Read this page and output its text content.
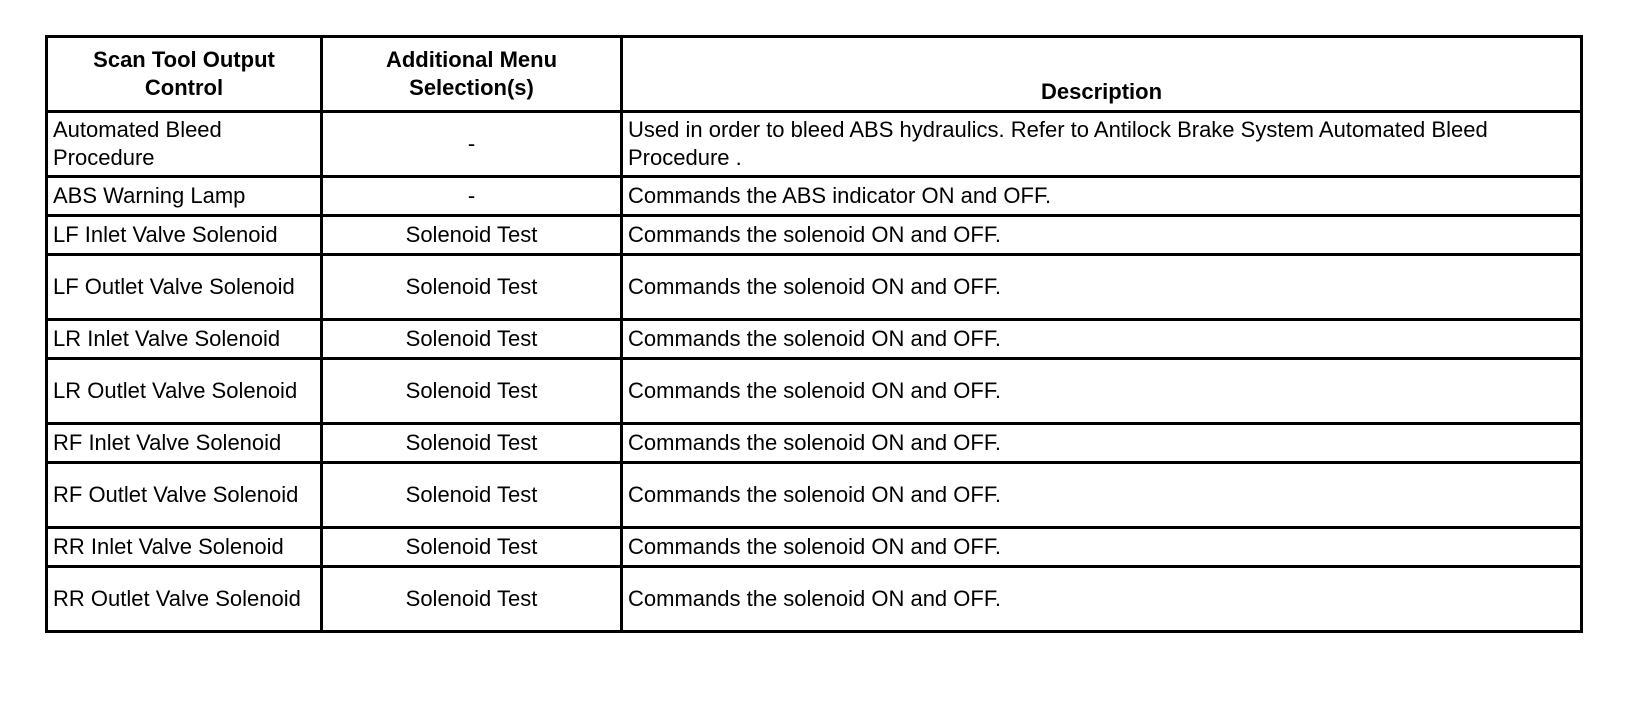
Scan Tool Output Control	Additional Menu Selection(s)	Description
Automated Bleed Procedure	-	Used in order to bleed ABS hydraulics. Refer to Antilock Brake System Automated Bleed Procedure .
ABS Warning Lamp	-	Commands the ABS indicator ON and OFF.
LF Inlet Valve Solenoid	Solenoid Test	Commands the solenoid ON and OFF.
LF Outlet Valve Solenoid	Solenoid Test	Commands the solenoid ON and OFF.
LR Inlet Valve Solenoid	Solenoid Test	Commands the solenoid ON and OFF.
LR Outlet Valve Solenoid	Solenoid Test	Commands the solenoid ON and OFF.
RF Inlet Valve Solenoid	Solenoid Test	Commands the solenoid ON and OFF.
RF Outlet Valve Solenoid	Solenoid Test	Commands the solenoid ON and OFF.
RR Inlet Valve Solenoid	Solenoid Test	Commands the solenoid ON and OFF.
RR Outlet Valve Solenoid	Solenoid Test	Commands the solenoid ON and OFF.
